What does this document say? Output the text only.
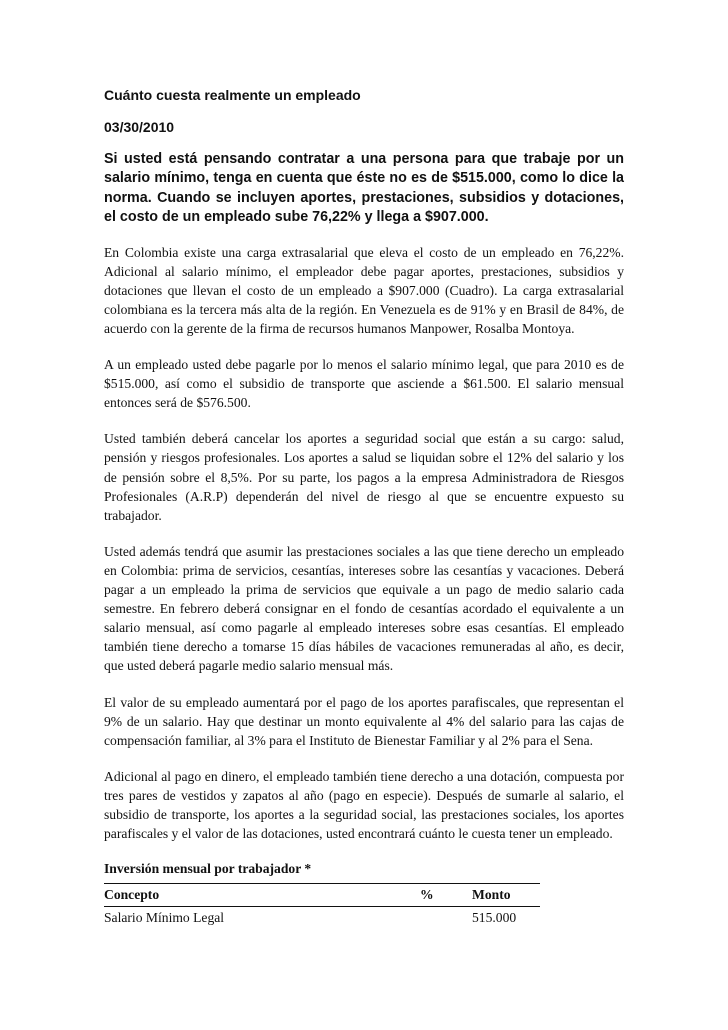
Cuánto cuesta realmente un empleado
03/30/2010
Si usted está pensando contratar a una persona para que trabaje por un salario mínimo, tenga en cuenta que éste no es de $515.000, como lo dice la norma. Cuando se incluyen aportes, prestaciones, subsidios y dotaciones, el costo de un empleado sube 76,22% y llega a $907.000.
En Colombia existe una carga extrasalarial que eleva el costo de un empleado en 76,22%. Adicional al salario mínimo, el empleador debe pagar aportes, prestaciones, subsidios y dotaciones que llevan el costo de un empleado a $907.000 (Cuadro). La carga extrasalarial colombiana es la tercera más alta de la región. En Venezuela es de 91% y en Brasil de 84%, de acuerdo con la gerente de la firma de recursos humanos Manpower, Rosalba Montoya.
A un empleado usted debe pagarle por lo menos el salario mínimo legal, que para 2010 es de $515.000, así como el subsidio de transporte que asciende a $61.500. El salario mensual entonces será de $576.500.
Usted también deberá cancelar los aportes a seguridad social que están a su cargo: salud, pensión y riesgos profesionales. Los aportes a salud se liquidan sobre el 12% del salario y los de pensión sobre el 8,5%. Por su parte, los pagos a la empresa Administradora de Riesgos Profesionales (A.R.P) dependerán del nivel de riesgo al que se encuentre expuesto su trabajador.
Usted además tendrá que asumir las prestaciones sociales a las que tiene derecho un empleado en Colombia: prima de servicios, cesantías, intereses sobre las cesantías y vacaciones. Deberá pagar a un empleado la prima de servicios que equivale a un pago de medio salario cada semestre. En febrero deberá consignar en el fondo de cesantías acordado el equivalente a un salario mensual, así como pagarle al empleado intereses sobre esas cesantías. El empleado también tiene derecho a tomarse 15 días hábiles de vacaciones remuneradas al año, es decir, que usted deberá pagarle medio salario mensual más.
El valor de su empleado aumentará por el pago de los aportes parafiscales, que representan el 9% de un salario. Hay que destinar un monto equivalente al 4% del salario para las cajas de compensación familiar, al 3% para el Instituto de Bienestar Familiar y al 2% para el Sena.
Adicional al pago en dinero, el empleado también tiene derecho a una dotación, compuesta por tres pares de vestidos y zapatos al año (pago en especie). Después de sumarle al salario, el subsidio de transporte, los aportes a la seguridad social, las prestaciones sociales, los aportes parafiscales y el valor de las dotaciones, usted encontrará cuánto le cuesta tener un empleado.
Inversión mensual por trabajador *
Concepto	%	Monto
Salario Mínimo Legal		515.000
